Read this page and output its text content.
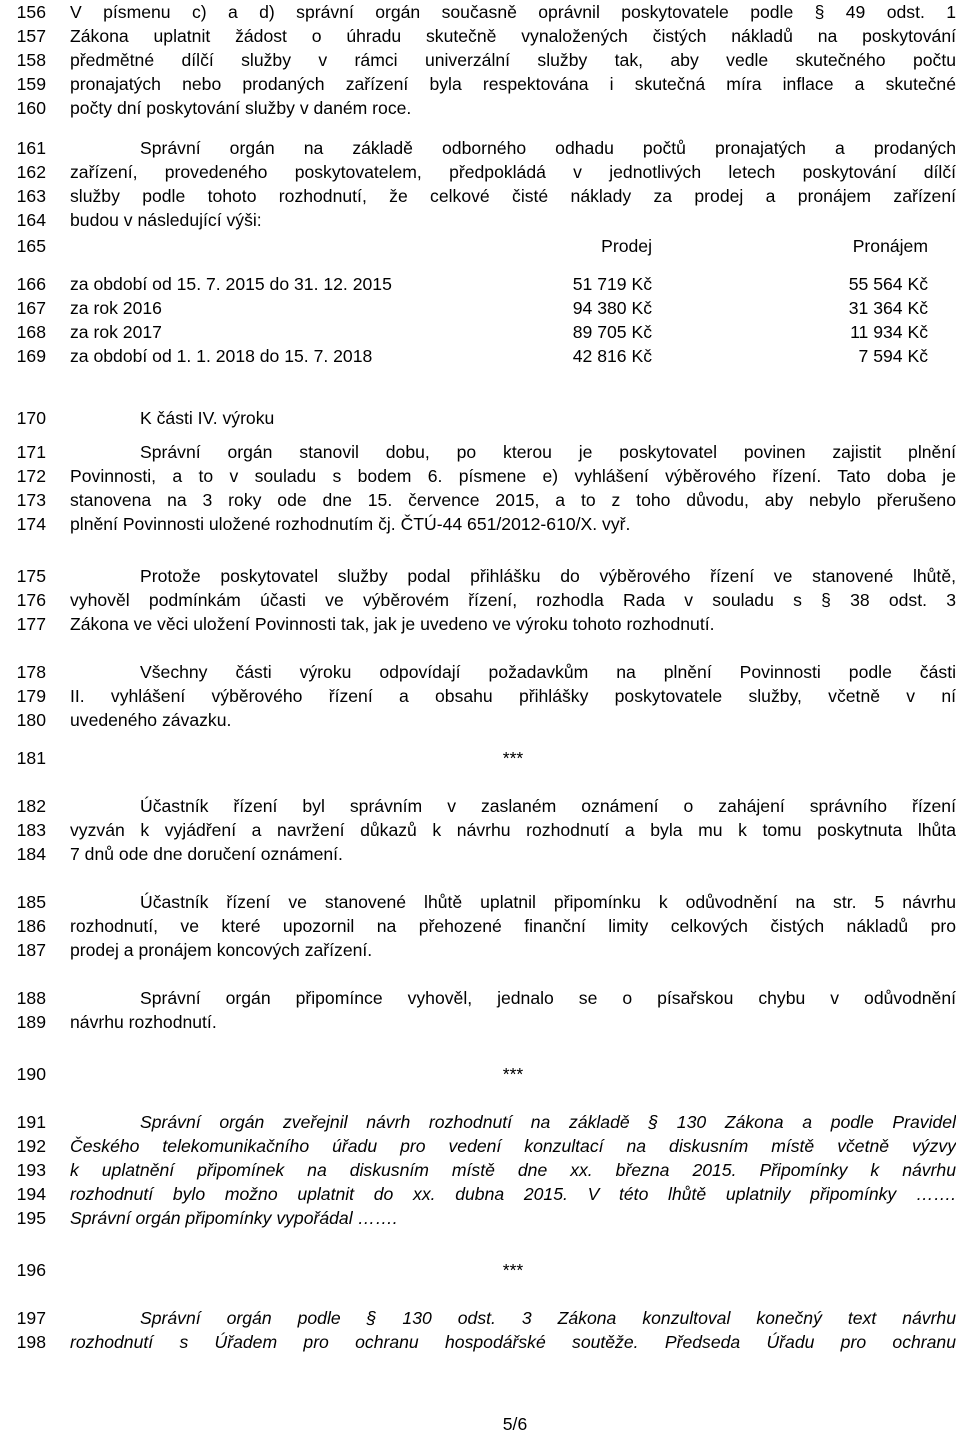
156 V písmenu c) a d) správní orgán současně oprávnil poskytovatele podle § 49 odst. 1
157 Zákona uplatnit žádost o úhradu skutečně vynaložených čistých nákladů na poskytování
158 předmětné dílčí služby v rámci univerzální služby tak, aby vedle skutečného počtu
159 pronajatých nebo prodaných zařízení byla respektována i skutečná míra inflace a skutečné
160 počty dní poskytování služby v daném roce.
161	Správní orgán na základě odborného odhadu počtů pronajatých a prodaných
162 zařízení, provedeného poskytovatelem, předpokládá v jednotlivých letech poskytování dílčí
163 služby podle tohoto rozhodnutí, že celkové čisté náklady za prodej a pronájem zařízení
164 budou v následující výši:
165	Prodej	Pronájem
166 za období od 15. 7. 2015 do 31. 12. 2015	51 719 Kč	55 564 Kč
167 za rok 2016	94 380 Kč	31 364 Kč
168 za rok 2017	89 705 Kč	11 934 Kč
169 za období od 1. 1. 2018 do 15. 7. 2018	42 816 Kč	7 594 Kč
170	K části IV. výroku
171	Správní orgán stanovil dobu, po kterou je poskytovatel povinen zajistit plnění
172 Povinnosti, a to v souladu s bodem 6. písmene e) vyhlášení výběrového řízení. Tato doba je
173 stanovena na 3 roky ode dne 15. července 2015, a to z toho důvodu, aby nebylo přerušeno
174 plnění Povinnosti uložené rozhodnutím čj. ČTÚ-44 651/2012-610/X. vyř.
175	Protože poskytovatel služby podal přihlášku do výběrového řízení ve stanovené lhůtě,
176 vyhověl podmínkám účasti ve výběrovém řízení, rozhodla Rada v souladu s § 38 odst. 3
177 Zákona ve věci uložení Povinnosti tak, jak je uvedeno ve výroku tohoto rozhodnutí.
178	Všechny části výroku odpovídají požadavkům na plnění Povinnosti podle části
179 II. vyhlášení výběrového řízení a obsahu přihlášky poskytovatele služby, včetně v ní
180 uvedeného závazku.
181	***
182	Účastník řízení byl správním v zaslaném oznámení o zahájení správního řízení
183 vyzván k vyjádření a navržení důkazů k návrhu rozhodnutí a byla mu k tomu poskytnuta lhůta
184 7 dnů ode dne doručení oznámení.
185	Účastník řízení ve stanovené lhůtě uplatnil připomínku k odůvodnění na str. 5 návrhu
186 rozhodnutí, ve které upozornil na přehozené finanční limity celkových čistých nákladů pro
187 prodej a pronájem koncových zařízení.
188	Správní orgán připomínce vyhověl, jednalo se o písařskou chybu v odůvodnění
189 návrhu rozhodnutí.
190	***
191	Správní orgán zveřejnil návrh rozhodnutí na základě § 130 Zákona a podle Pravidel
192 Českého telekomunikačního úřadu pro vedení konzultací na diskusním místě včetně výzvy
193 k uplatnění připomínek na diskusním místě dne xx. března 2015. Připomínky k návrhu
194 rozhodnutí bylo možno uplatnit do xx. dubna 2015. V této lhůtě uplatnily připomínky …….
195 Správní orgán připomínky vypořádal …….
196	***
197	Správní orgán podle § 130 odst. 3 Zákona konzultoval konečný text návrhu
198 rozhodnutí s Úřadem pro ochranu hospodářské soutěže. Předseda Úřadu pro ochranu
5/6
